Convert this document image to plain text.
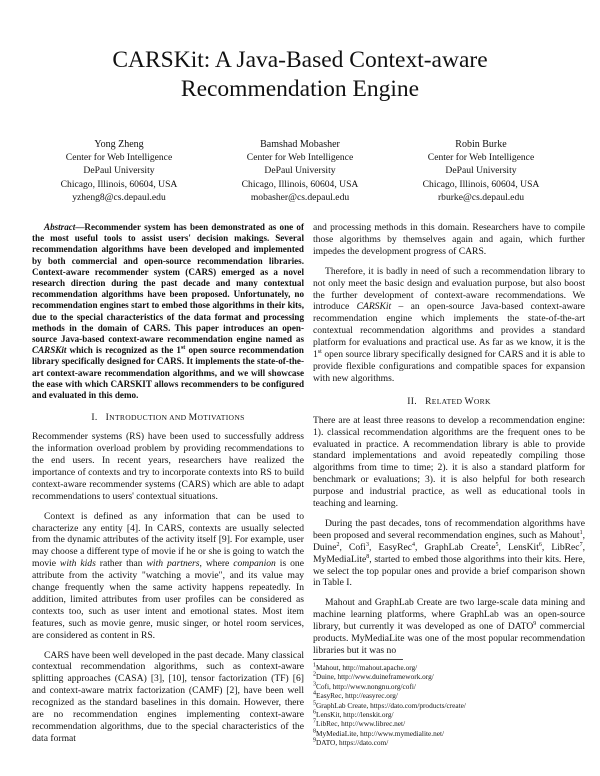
CARSKit: A Java-Based Context-aware
Recommendation Engine
Yong Zheng
Center for Web Intelligence
DePaul University
Chicago, Illinois, 60604, USA
yzheng8@cs.depaul.edu
Bamshad Mobasher
Center for Web Intelligence
DePaul University
Chicago, Illinois, 60604, USA
mobasher@cs.depaul.edu
Robin Burke
Center for Web Intelligence
DePaul University
Chicago, Illinois, 60604, USA
rburke@cs.depaul.edu

Abstract—Recommender system has been demonstrated as one of the most useful tools to assist users' decision makings. Several recommendation algorithms have been developed and implemented by both commercial and open-source recommendation libraries. Context-aware recommender system (CARS) emerged as a novel research direction during the past decade and many contextual recommendation algorithms have been proposed. Unfortunately, no recommendation engines start to embed those algorithms in their kits, due to the special characteristics of the data format and processing methods in the domain of CARS. This paper introduces an open-source Java-based context-aware recommendation engine named as CARSKit which is recognized as the 1st open source recommendation library specifically designed for CARS. It implements the state-of-the-art context-aware recommendation algorithms, and we will showcase the ease with which CARSKIT allows recommenders to be configured and evaluated in this demo.

I. INTRODUCTION AND MOTIVATIONS

Recommender systems (RS) have been used to successfully address the information overload problem by providing recommendations to the end users. In recent years, researchers have realized the importance of contexts and try to incorporate contexts into RS to build context-aware recommender systems (CARS) which are able to adapt recommendations to users' contextual situations.

Context is defined as any information that can be used to characterize any entity [4]. In CARS, contexts are usually selected from the dynamic attributes of the activity itself [9]. For example, user may choose a different type of movie if he or she is going to watch the movie with kids rather than with partners, where companion is one attribute from the activity "watching a movie", and its value may change frequently when the same activity happens repeatedly. In addition, limited attributes from user profiles can be considered as contexts too, such as user intent and emotional states. Most item features, such as movie genre, music singer, or hotel room services, are considered as content in RS.

CARS have been well developed in the past decade. Many classical contextual recommendation algorithms, such as context-aware splitting approaches (CASA) [3], [10], tensor factorization (TF) [6] and context-aware matrix factorization (CAMF) [2], have been well recognized as the standard baselines in this domain. However, there are no recommendation engines implementing context-aware recommendation algorithms, due to the special characteristics of the data format

and processing methods in this domain. Researchers have to compile those algorithms by themselves again and again, which further impedes the development progress of CARS.

Therefore, it is badly in need of such a recommendation library to not only meet the basic design and evaluation purpose, but also boost the further development of context-aware recommendations. We introduce CARSKit – an open-source Java-based context-aware recommendation engine which implements the state-of-the-art contextual recommendation algorithms and provides a standard platform for evaluations and practical use. As far as we know, it is the 1st open source library specifically designed for CARS and it is able to provide flexible configurations and compatible spaces for expansion with new algorithms.

II. RELATED WORK

There are at least three reasons to develop a recommendation engine: 1). classical recommendation algorithms are the frequent ones to be evaluated in practice. A recommendation library is able to provide standard implementations and avoid repeatedly compiling those algorithms from time to time; 2). it is also a standard platform for benchmark or evaluations; 3). it is also helpful for both research purpose and industrial practice, as well as educational tools in teaching and learning.

During the past decades, tons of recommendation algorithms have been proposed and several recommendation engines, such as Mahout$^1$, Duine$^2$, Cofi$^3$, EasyRec$^4$, GraphLab Create$^5$, LensKit$^6$, LibRec$^7$, MyMediaLite$^8$, started to embed those algorithms into their kits. Here, we select the top popular ones and provide a brief comparison shown in Table I.

Mahout and GraphLab Create are two large-scale data mining and machine learning platforms, where GraphLab was an open-source library, but currently it was developed as one of DATO$^9$ commercial products. MyMediaLite was one of the most popular recommendation libraries but it was no

$^1$Mahout, http://mahout.apache.org/
$^2$Duine, http://www.duineframework.org/
$^3$Cofi, http://www.nongnu.org/cofi/
$^4$EasyRec, http://easyrec.org/
$^5$GraphLab Create, https://dato.com/products/create/
$^6$LensKit, http://lenskit.org/
$^7$LibRec, http://www.librec.net/
$^8$MyMediaLite, http://www.mymedialite.net/
$^9$DATO, https://dato.com/
